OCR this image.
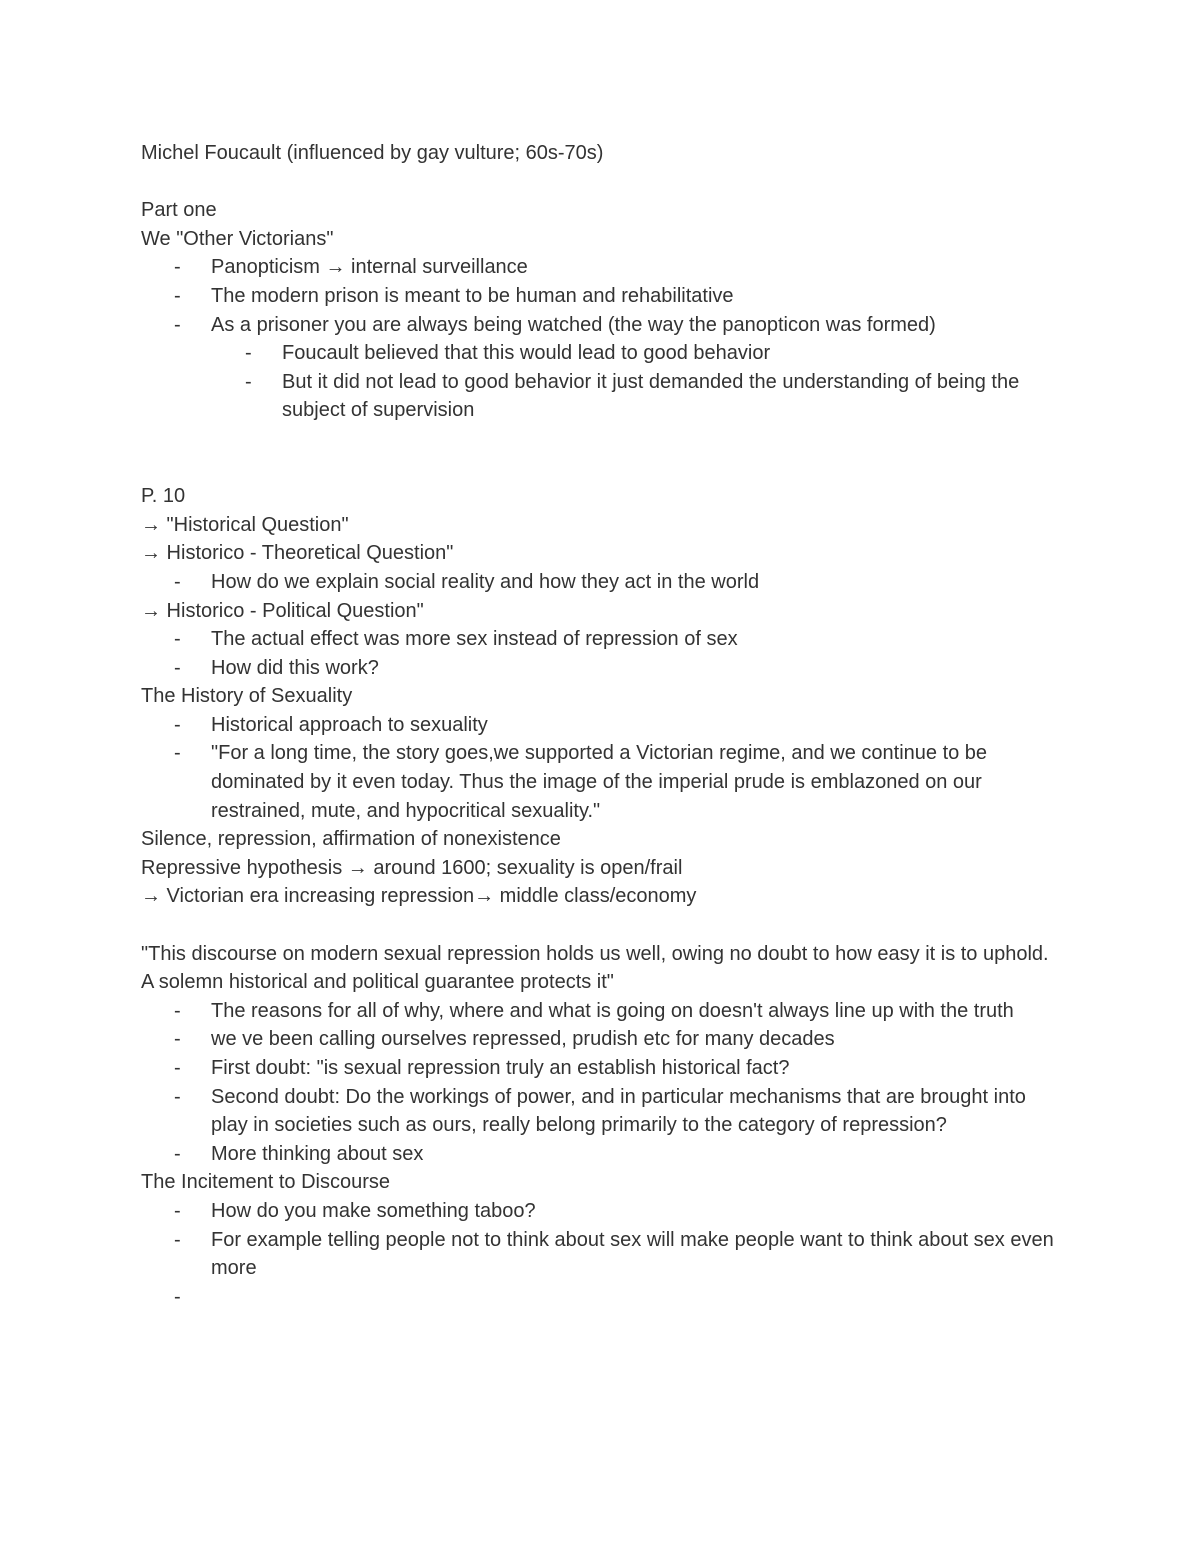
Michel Foucault (influenced by gay vulture; 60s-70s)

Part one

We "Other Victorians"

- Panopticism → internal surveillance
- The modern prison is meant to be human and rehabilitative
- As a prisoner you are always being watched (the way the panopticon was formed)
- Foucault believed that this would lead to good behavior
- But it did not lead to good behavior it just demanded the understanding of being the subject of supervision

P. 10

→ "Historical Question"

→ Historico - Theoretical Question"

- How do we explain social reality and how they act in the world

→ Historico - Political Question"

- The actual effect was more sex instead of repression of sex
- How did this work?

The History of Sexuality

- Historical approach to sexuality
- "For a long time, the story goes,we supported a Victorian regime, and we continue to be dominated by it even today. Thus the image of the imperial prude is emblazoned on our restrained, mute, and hypocritical sexuality."

Silence, repression, affirmation of nonexistence

Repressive hypothesis → around 1600; sexuality is open/frail

→ Victorian era increasing repression→ middle class/economy

"This discourse on modern sexual repression holds us well, owing no doubt to how easy it is to uphold. A solemn historical and political guarantee protects it"

- The reasons for all of why, where and what is going on doesn't always line up with the truth
- we ve been calling ourselves repressed, prudish etc for many decades
- First doubt: "is sexual repression truly an establish historical fact?
- Second doubt: Do the workings of power, and in particular mechanisms that are brought into play in societies such as ours, really belong primarily to the category of repression?
- More thinking about sex

The Incitement to Discourse

- How do you make something taboo?
- For example telling people not to think about sex will make people want to think about sex even more
-
